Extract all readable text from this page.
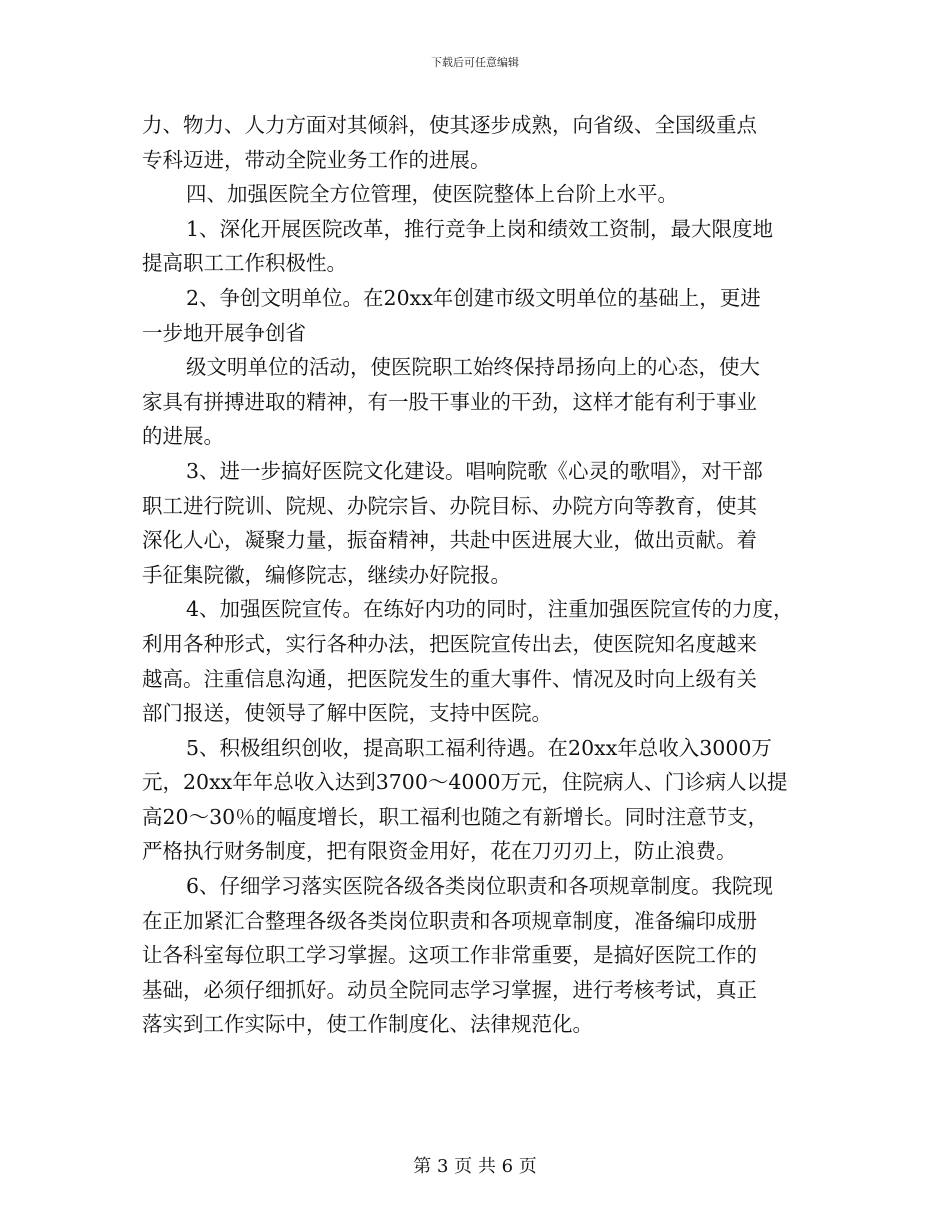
下载后可任意编辑
力、物力、人力方面对其倾斜，使其逐步成熟，向省级、全国级重点
专科迈进，带动全院业务工作的进展。
四、加强医院全方位管理，使医院整体上台阶上水平。
1、深化开展医院改革，推行竞争上岗和绩效工资制，最大限度地
提高职工工作积极性。
2、争创文明单位。在20xx年创建市级文明单位的基础上，更进
一步地开展争创省
级文明单位的活动，使医院职工始终保持昂扬向上的心态，使大
家具有拼搏进取的精神，有一股干事业的干劲，这样才能有利于事业
的进展。
3、进一步搞好医院文化建设。唱响院歌《心灵的歌唱》，对干部
职工进行院训、院规、办院宗旨、办院目标、办院方向等教育，使其
深化人心，凝聚力量，振奋精神，共赴中医进展大业，做出贡献。着
手征集院徽，编修院志，继续办好院报。
4、加强医院宣传。在练好内功的同时，注重加强医院宣传的力度，
利用各种形式，实行各种办法，把医院宣传出去，使医院知名度越来
越高。注重信息沟通，把医院发生的重大事件、情况及时向上级有关
部门报送，使领导了解中医院，支持中医院。
5、积极组织创收，提高职工福利待遇。在20xx年总收入3000万
元，20xx年年总收入达到3700～4000万元，住院病人、门诊病人以提
高20～30％的幅度增长，职工福利也随之有新增长。同时注意节支，
严格执行财务制度，把有限资金用好，花在刀刃刃上，防止浪费。
6、仔细学习落实医院各级各类岗位职责和各项规章制度。我院现
在正加紧汇合整理各级各类岗位职责和各项规章制度，准备编印成册
让各科室每位职工学习掌握。这项工作非常重要，是搞好医院工作的
基础，必须仔细抓好。动员全院同志学习掌握，进行考核考试，真正
落实到工作实际中，使工作制度化、法律规范化。
第 3 页 共 6 页
